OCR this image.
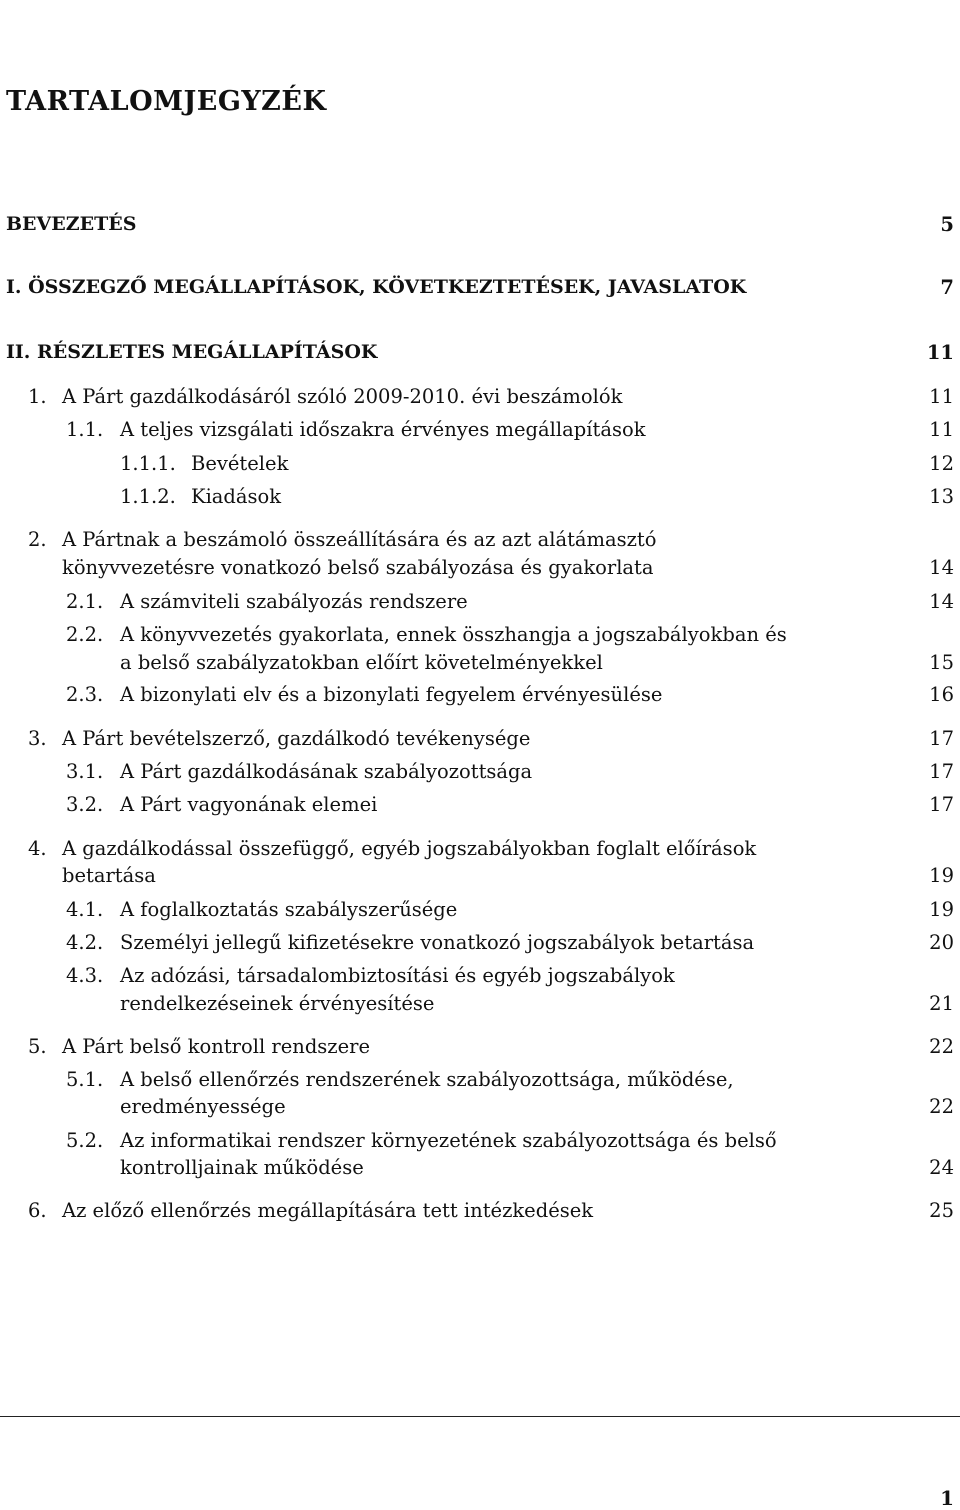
TARTALOMJEGYZÉK
BEVEZETÉS	5
I. ÖSSZEGZŐ MEGÁLLAPÍTÁSOK, KÖVETKEZTETÉSEK, JAVASLATOK	7
II. RÉSZLETES MEGÁLLAPÍTÁSOK	11
1. A Párt gazdálkodásáról szóló 2009-2010. évi beszámolók	11
1.1. A teljes vizsgálati időszakra érvényes megállapítások	11
1.1.1. Bevételek	12
1.1.2. Kiadások	13
2. A Pártnak a beszámoló összeállítására és az azt alátámasztó
könyvvezetésre vonatkozó belső szabályozása és gyakorlata	14
2.1. A számviteli szabályozás rendszere	14
2.2. A könyvvezetés gyakorlata, ennek összhangja a jogszabályokban és
a belső szabályzatokban előírt követelményekkel	15
2.3. A bizonylati elv és a bizonylati fegyelem érvényesülése	16
3. A Párt bevételszerző, gazdálkodó tevékenysége	17
3.1. A Párt gazdálkodásának szabályozottsága	17
3.2. A Párt vagyonának elemei	17
4. A gazdálkodással összefüggő, egyéb jogszabályokban foglalt előírások
betartása	19
4.1. A foglalkoztatás szabályszerűsége	19
4.2. Személyi jellegű kifizetésekre vonatkozó jogszabályok betartása	20
4.3. Az adózási, társadalombiztosítási és egyéb jogszabályok
rendelkezéseinek érvényesítése	21
5. A Párt belső kontroll rendszere	22
5.1. A belső ellenőrzés rendszerének szabályozottsága, működése,
eredményessége	22
5.2. Az informatikai rendszer környezetének szabályozottsága és belső
kontrolljainak működése	24
6. Az előző ellenőrzés megállapítására tett intézkedések	25
1
